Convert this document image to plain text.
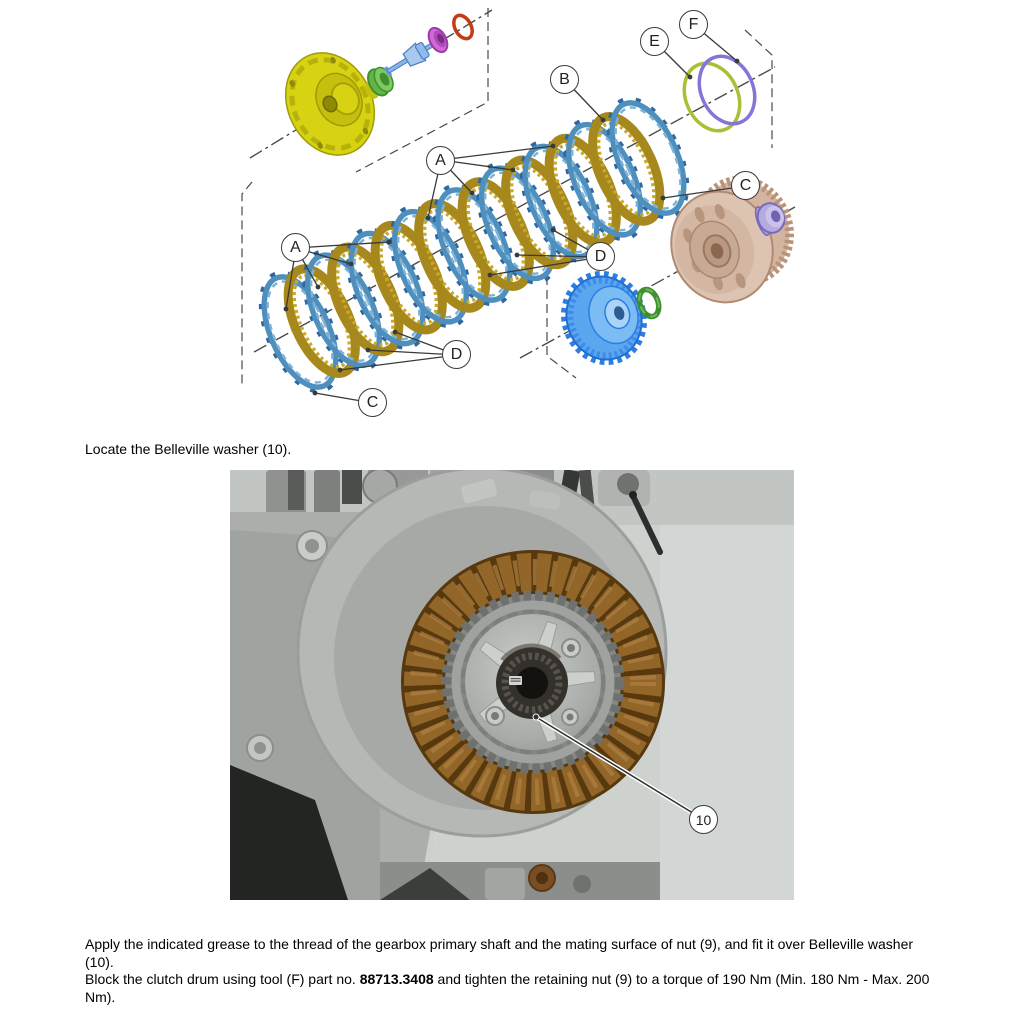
A
A
B
C
C
D
D
E
F
Locate the Belleville washer (10).
10
Apply the indicated grease to the thread of the gearbox primary shaft and the mating surface of nut (9), and fit it over Belleville washer (10).
Block the clutch drum using tool (F) part no. 88713.3408 and tighten the retaining nut (9) to a torque of 190 Nm (Min. 180 Nm - Max. 200 Nm).
